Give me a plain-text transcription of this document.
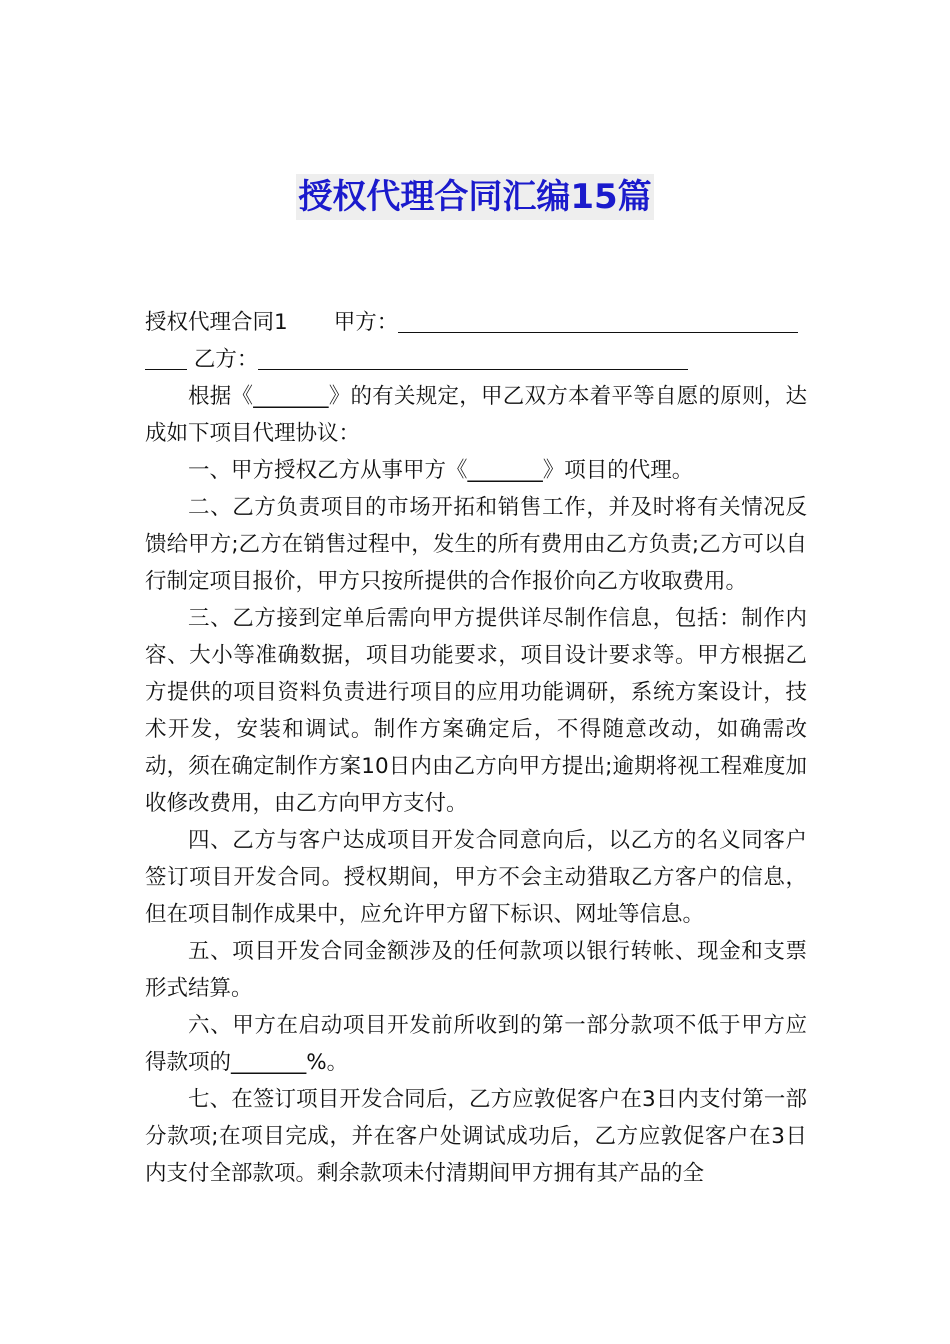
授权代理合同汇编15篇

授权代理合同1 甲方：

乙方：

根据《_______》的有关规定，甲乙双方本着平等自愿的原则，达成如下项目代理协议：

一、甲方授权乙方从事甲方《_______》项目的代理。

二、乙方负责项目的市场开拓和销售工作，并及时将有关情况反馈给甲方;乙方在销售过程中，发生的所有费用由乙方负责;乙方可以自行制定项目报价，甲方只按所提供的合作报价向乙方收取费用。

三、乙方接到定单后需向甲方提供详尽制作信息，包括：制作内容、大小等准确数据，项目功能要求，项目设计要求等。甲方根据乙方提供的项目资料负责进行项目的应用功能调研，系统方案设计，技术开发，安装和调试。制作方案确定后，不得随意改动，如确需改动，须在确定制作方案10日内由乙方向甲方提出;逾期将视工程难度加收修改费用，由乙方向甲方支付。

四、乙方与客户达成项目开发合同意向后，以乙方的名义同客户签订项目开发合同。授权期间，甲方不会主动猎取乙方客户的信息，但在项目制作成果中，应允许甲方留下标识、网址等信息。

五、项目开发合同金额涉及的任何款项以银行转帐、现金和支票形式结算。

六、甲方在启动项目开发前所收到的第一部分款项不低于甲方应得款项的_______%。

七、在签订项目开发合同后，乙方应敦促客户在3日内支付第一部分款项;在项目完成，并在客户处调试成功后，乙方应敦促客户在3日内支付全部款项。剩余款项未付清期间甲方拥有其产品的全
